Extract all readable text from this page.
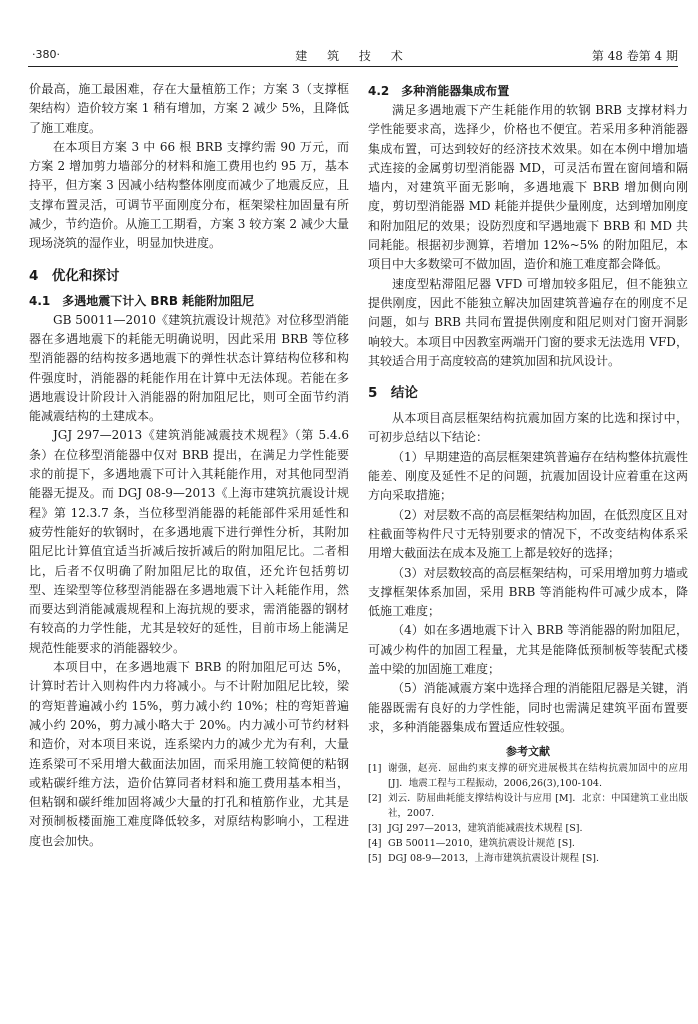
·380·	建 筑 技 术	第 48 卷第 4 期

价最高，施工最困难，存在大量植筋工作；方案 3（支撑框架结构）造价较方案 1 稍有增加，方案 2 减少 5%，且降低了施工难度。

在本项目方案 3 中 66 根 BRB 支撑约需 90 万元，而方案 2 增加剪力墙部分的材料和施工费用也约 95 万，基本持平，但方案 3 因减小结构整体刚度而减少了地震反应，且支撑布置灵活，可调节平面刚度分布，框架梁柱加固量有所减少，节约造价。从施工工期看，方案 3 较方案 2 减少大量现场浇筑的湿作业，明显加快进度。

4　优化和探讨
4.1　多遇地震下计入 BRB 耗能附加阻尼

GB 50011—2010《建筑抗震设计规范》对位移型消能器在多遇地震下的耗能无明确说明，因此采用 BRB 等位移型消能器的结构按多遇地震下的弹性状态计算结构位移和构件强度时，消能器的耗能作用在计算中无法体现。若能在多遇地震设计阶段计入消能器的附加阻尼比，则可全面节约消能减震结构的土建成本。

JGJ 297—2013《建筑消能减震技术规程》（第 5.4.6 条）在位移型消能器中仅对 BRB 提出，在满足力学性能要求的前提下，多遇地震下可计入其耗能作用，对其他同型消能器无提及。而 DGJ 08-9—2013《上海市建筑抗震设计规程》第 12.3.7 条，当位移型消能器的耗能部件采用延性和疲劳性能好的软钢时，在多遇地震下进行弹性分析，其附加阻尼比计算值宜适当折减后按折减后的附加阻尼比。二者相比，后者不仅明确了附加阻尼比的取值，还允许包括剪切型、连梁型等位移型消能器在多遇地震下计入耗能作用，然而要达到消能减震规程和上海抗规的要求，需消能器的钢材有较高的力学性能，尤其是较好的延性，目前市场上能满足规范性能要求的消能器较少。

本项目中，在多遇地震下 BRB 的附加阻尼可达 5%，计算时若计入则构件内力将减小。与不计附加阻尼比较，梁的弯矩普遍减小约 15%，剪力减小约 10%；柱的弯矩普遍减小约 20%，剪力减小略大于 20%。内力减小可节约材料和造价，对本项目来说，连系梁内力的减少尤为有利，大量连系梁可不采用增大截面法加固，而采用施工较简便的粘钢或粘碳纤维方法，造价估算同者材料和施工费用基本相当，但粘钢和碳纤维加固将减少大量的打孔和植筋作业，尤其是对预制板楼面施工难度降低较多，对原结构影响小，工程进度也会加快。

4.2　多种消能器集成布置

满足多遇地震下产生耗能作用的软钢 BRB 支撑材料力学性能要求高，选择少，价格也不便宜。若采用多种消能器集成布置，可达到较好的经济技术效果。如在本例中增加墙式连接的金属剪切型消能器 MD，可灵活布置在窗间墙和隔墙内，对建筑平面无影响，多遇地震下 BRB 增加侧向刚度，剪切型消能器 MD 耗能并提供少量刚度，达到增加刚度和附加阻尼的效果；设防烈度和罕遇地震下 BRB 和 MD 共同耗能。根据初步测算，若增加 12%~5% 的附加阻尼，本项目中大多数梁可不做加固，造价和施工难度都会降低。

速度型粘滞阻尼器 VFD 可增加较多阻尼，但不能独立提供刚度，因此不能独立解决加固建筑普遍存在的刚度不足问题，如与 BRB 共同布置提供刚度和阻尼则对门窗开洞影响较大。本项目中因教室两端开门窗的要求无法选用 VFD，其较适合用于高度较高的建筑加固和抗风设计。

5　结论

从本项目高层框架结构抗震加固方案的比选和探讨中，可初步总结以下结论：

（1）早期建造的高层框架建筑普遍存在结构整体抗震性能差、刚度及延性不足的问题，抗震加固设计应着重在这两方向采取措施；

（2）对层数不高的高层框架结构加固，在低烈度区且对柱截面等构件尺寸无特别要求的情况下，不改变结构体系采用增大截面法在成本及施工上都是较好的选择；

（3）对层数较高的高层框架结构，可采用增加剪力墙或支撑框架体系加固，采用 BRB 等消能构件可减少成本，降低施工难度；

（4）如在多遇地震下计入 BRB 等消能器的附加阻尼，可减少构件的加固工程量，尤其是能降低预制板等装配式楼盖中梁的加固施工难度；

（5）消能减震方案中选择合理的消能阻尼器是关键，消能器既需有良好的力学性能，同时也需满足建筑平面布置要求，多种消能器集成布置适应性较强。

参考文献
[1] 谢强，赵亮．屈曲约束支撑的研究进展极其在结构抗震加固中的应用 [J]．地震工程与工程振动，2006,26(3),100-104.
[2] 刘云．防屈曲耗能支撑结构设计与应用 [M]．北京：中国建筑工业出版社，2007.
[3] JGJ 297—2013，建筑消能减震技术规程 [S].
[4] GB 50011—2010，建筑抗震设计规范 [S].
[5] DGJ 08-9—2013，上海市建筑抗震设计规程 [S].
